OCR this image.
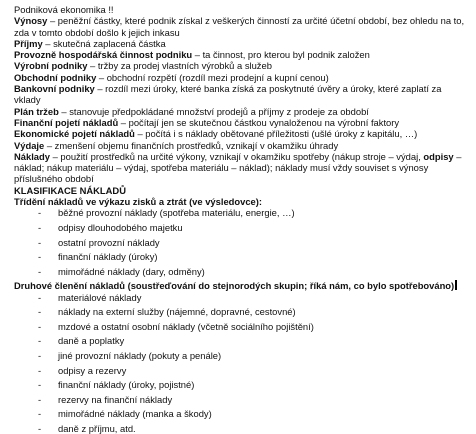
Podniková ekonomika !!
Výnosy – peněžní částky, které podnik získal z veškerých činností za určité účetní období, bez ohledu na to, zda v tomto období došlo k jejich inkasu
Příjmy – skutečná zaplacená částka
Provozně hospodářská činnost podniku – ta činnost, pro kterou byl podnik založen
Výrobní podniky – tržby za prodej vlastních výrobků a služeb
Obchodní podniky – obchodní rozpětí (rozdíl mezi prodejní a kupní cenou)
Bankovní podniky – rozdíl mezi úroky, které banka získá za poskytnuté úvěry a úroky, které zaplatí za vklady
Plán tržeb – stanovuje předpokládané množství prodejů a příjmy z prodeje za období
Finanční pojetí nákladů – počítají jen se skutečnou částkou vynaloženou na výrobní faktory
Ekonomické pojetí nákladů – počítá i s náklady obětované příležitosti (ušlé úroky z kapitálu, …)
Výdaje – zmenšení objemu finančních prostředků, vznikají v okamžiku úhrady
Náklady – použití prostředků na určité výkony, vznikají v okamžiku spotřeby (nákup stroje – výdaj, odpisy – náklad; nákup materiálu – výdaj, spotřeba materiálu – náklad); náklady musí vždy souviset s výnosy příslušného období
KLASIFIKACE NÁKLADŮ
Třídění nákladů ve výkazu zisků a ztrát (ve výsledovce):
- běžné provozní náklady (spotřeba materiálu, energie, …)
- odpisy dlouhodobého majetku
- ostatní provozní náklady
- finanční náklady (úroky)
- mimořádné náklady (dary, odměny)
Druhové členění nákladů (soustřeďování do stejnorodých skupin; říká nám, co bylo spotřebováno)
- materiálové náklady
- náklady na externí služby (nájemné, dopravné, cestovné)
- mzdové a ostatní osobní náklady (včetně sociálního pojištění)
- daně a poplatky
- jiné provozní náklady (pokuty a penále)
- odpisy a rezervy
- finanční náklady (úroky, pojistné)
- rezervy na finanční náklady
- mimořádné náklady (manka a škody)
- daně z příjmu, atd.
